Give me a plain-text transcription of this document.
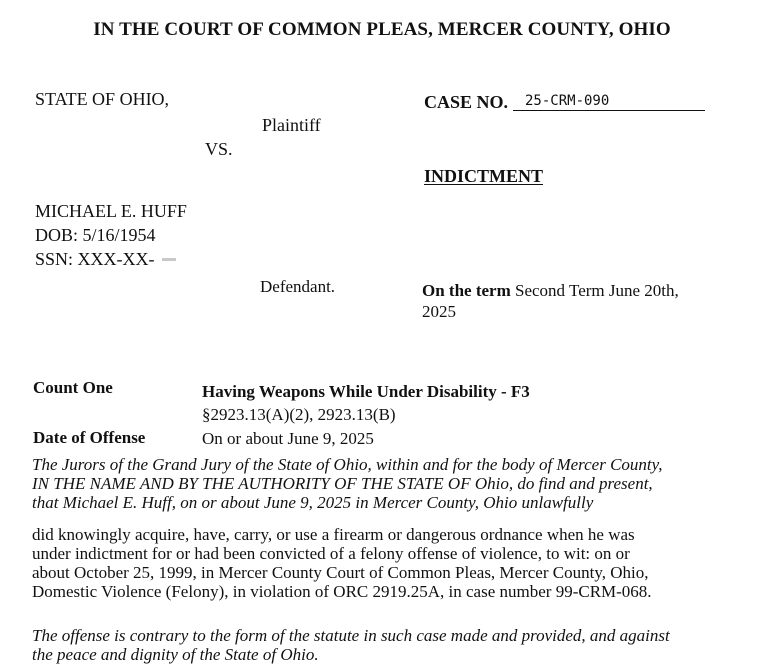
IN THE COURT OF COMMON PLEAS, MERCER COUNTY, OHIO
STATE OF OHIO,
Plaintiff
VS.
CASE NO.	25-CRM-090
INDICTMENT
MICHAEL E. HUFF
DOB: 5/16/1954
SSN: XXX-XX-
Defendant.	On the term Second Term June 20th,
2025
Count One	Having Weapons While Under Disability - F3
§2923.13(A)(2), 2923.13(B)
Date of Offense	On or about June 9, 2025
The Jurors of the Grand Jury of the State of Ohio, within and for the body of Mercer County,
IN THE NAME AND BY THE AUTHORITY OF THE STATE OF Ohio, do find and present,
that Michael E. Huff, on or about June 9, 2025 in Mercer County, Ohio unlawfully
did knowingly acquire, have, carry, or use a firearm or dangerous ordnance when he was
under indictment for or had been convicted of a felony offense of violence, to wit: on or
about October 25, 1999, in Mercer County Court of Common Pleas, Mercer County, Ohio,
Domestic Violence (Felony), in violation of ORC 2919.25A, in case number 99-CRM-068.
The offense is contrary to the form of the statute in such case made and provided, and against
the peace and dignity of the State of Ohio.
